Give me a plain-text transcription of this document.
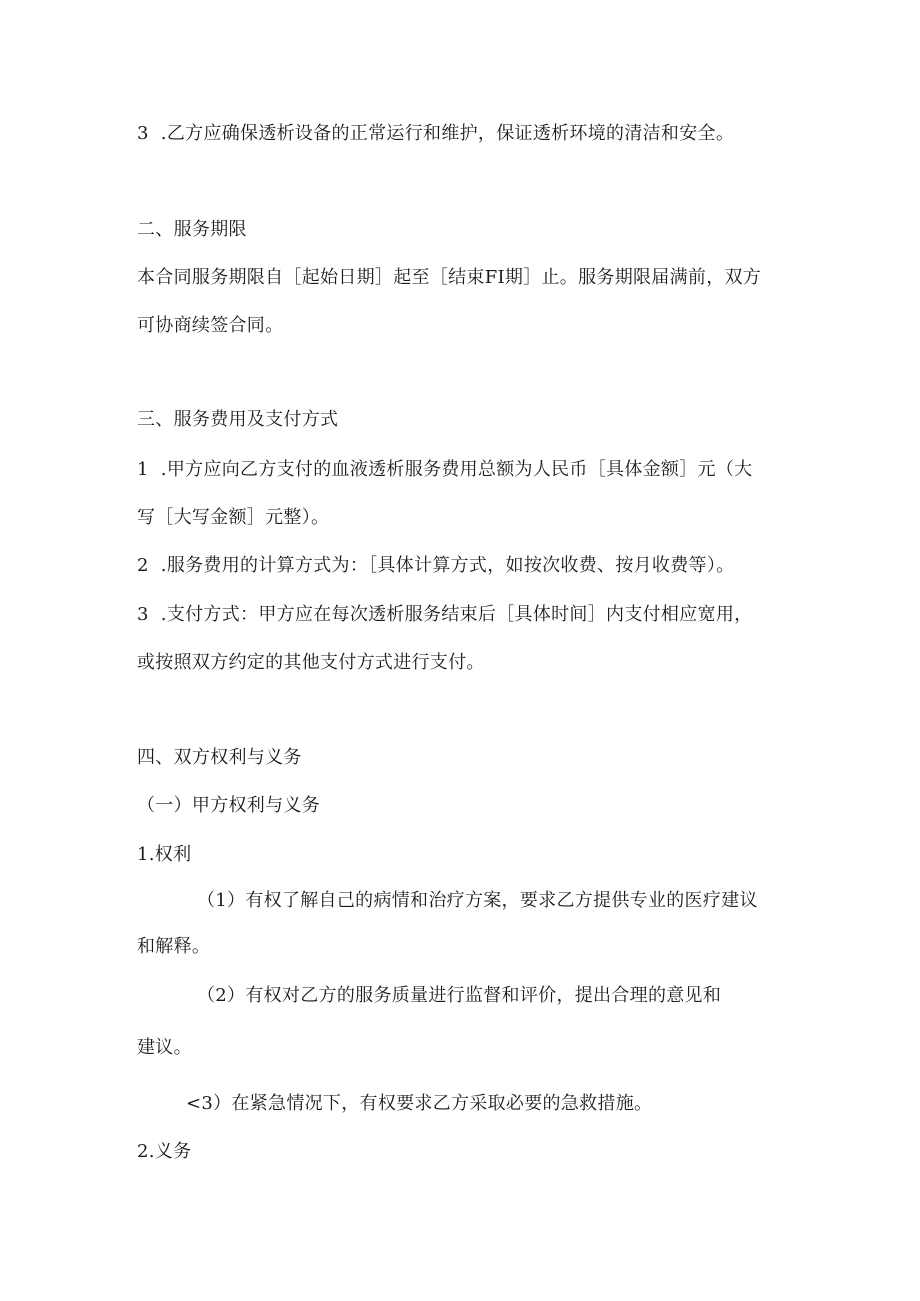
3  .乙方应确保透析设备的正常运行和维护，保证透析环境的清洁和安全。
二、服务期限
本合同服务期限自［起始日期］起至［结束FI期］止。服务期限届满前，双方
可协商续签合同。
三、服务费用及支付方式
1  .甲方应向乙方支付的血液透析服务费用总额为人民币［具体金额］元（大
写［大写金额］元整）。
2  .服务费用的计算方式为：［具体计算方式，如按次收费、按月收费等）。
3  .支付方式：甲方应在每次透析服务结束后［具体时间］内支付相应宽用，
或按照双方约定的其他支付方式进行支付。
四、双方权利与义务
（一）甲方权利与义务
1.权利
（1）有权了解自己的病情和治疗方案，要求乙方提供专业的医疗建议
和解释。
（2）有权对乙方的服务质量进行监督和评价，提出合理的意见和
建议。
<3）在紧急情况下，有权要求乙方采取必要的急救措施。
2.义务
